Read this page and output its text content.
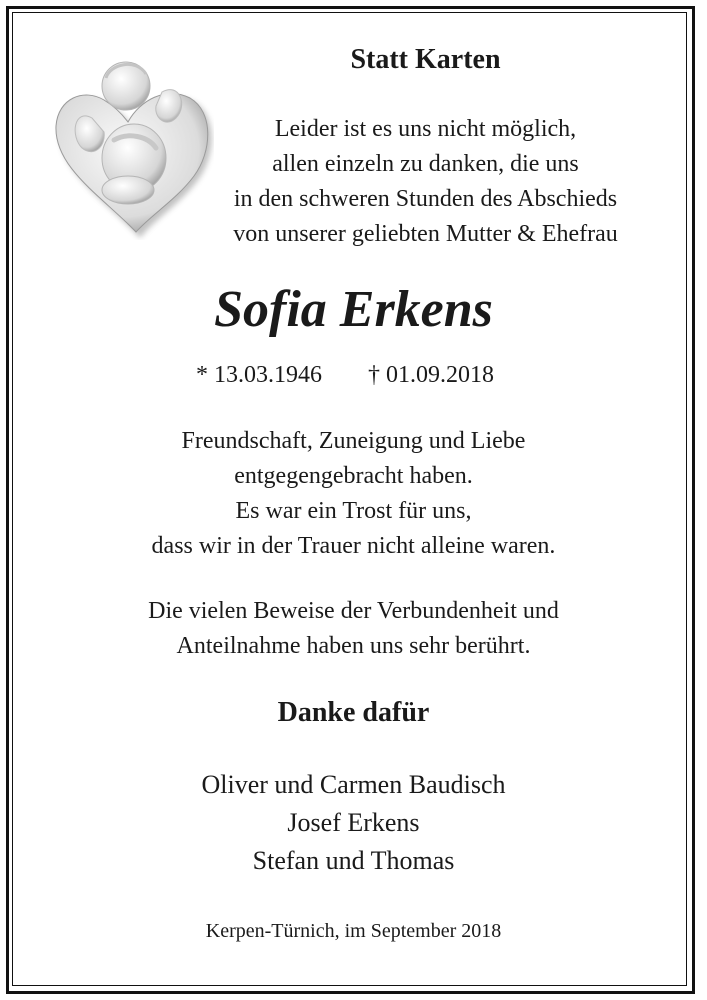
Statt Karten
Leider ist es uns nicht möglich,
allen einzeln zu danken, die uns
in den schweren Stunden des Abschieds
von unserer geliebten Mutter & Ehefrau
Sofia Erkens
* 13.03.1946 † 01.09.2018
Freundschaft, Zuneigung und Liebe
entgegengebracht haben.
Es war ein Trost für uns,
dass wir in der Trauer nicht alleine waren.
Die vielen Beweise der Verbundenheit und
Anteilnahme haben uns sehr berührt.
Danke dafür
Oliver und Carmen Baudisch
Josef Erkens
Stefan und Thomas
Kerpen-Türnich, im September 2018
